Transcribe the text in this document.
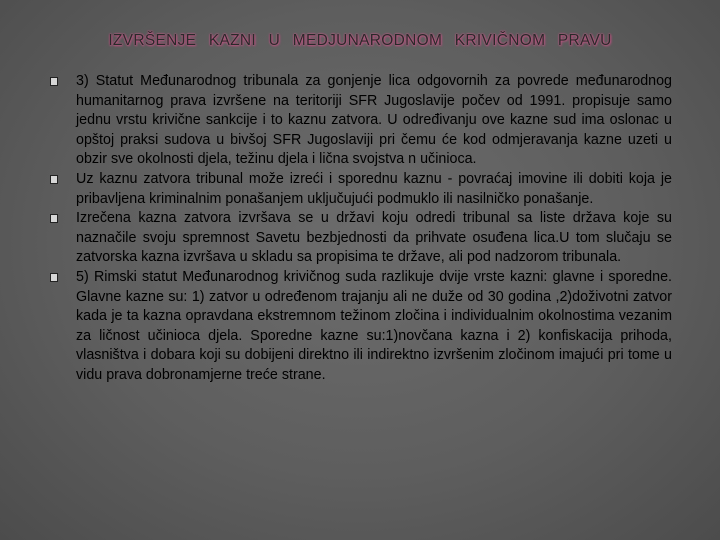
IZVRŠENJE KAZNI U MEDJUNARODNOM KRIVIČNOM PRAVU
3) Statut Međunarodnog tribunala za gonjenje lica odgovornih za povrede međunarodnog humanitarnog prava izvršene na teritoriji SFR Jugoslavije počev od 1991. propisuje samo jednu vrstu krivične sankcije i to kaznu zatvora. U određivanju ove kazne sud ima oslonac u opštoj praksi sudova u bivšoj SFR Jugoslaviji pri čemu će kod odmjeravanja kazne uzeti u obzir sve okolnosti djela, težinu djela i lična svojstva n učinioca.
Uz kaznu zatvora tribunal može izreći i sporednu kaznu - povraćaj imovine ili dobiti koja je pribavljena kriminalnim ponašanjem uključujući podmuklo ili nasilničko ponašanje.
Izrečena kazna zatvora izvršava se u državi koju odredi tribunal sa liste država koje su naznačile svoju spremnost Savetu bezbjednosti da prihvate osuđena lica.U tom slučaju se zatvorska kazna izvršava u skladu sa propisima te države, ali pod nadzorom tribunala.
5) Rimski statut Međunarodnog krivičnog suda razlikuje dvije vrste kazni: glavne i sporedne. Glavne kazne su: 1) zatvor u određenom trajanju ali ne duže od 30 godina ,2)doživotni zatvor kada je ta kazna opravdana ekstremnom težinom zločina i individualnim okolnostima vezanim za ličnost učinioca djela. Sporedne kazne su:1)novčana kazna i 2) konfiskacija prihoda, vlasništva i dobara koji su dobijeni direktno ili indirektno izvršenim zločinom imajući pri tome u vidu prava dobronamjerne treće strane.
